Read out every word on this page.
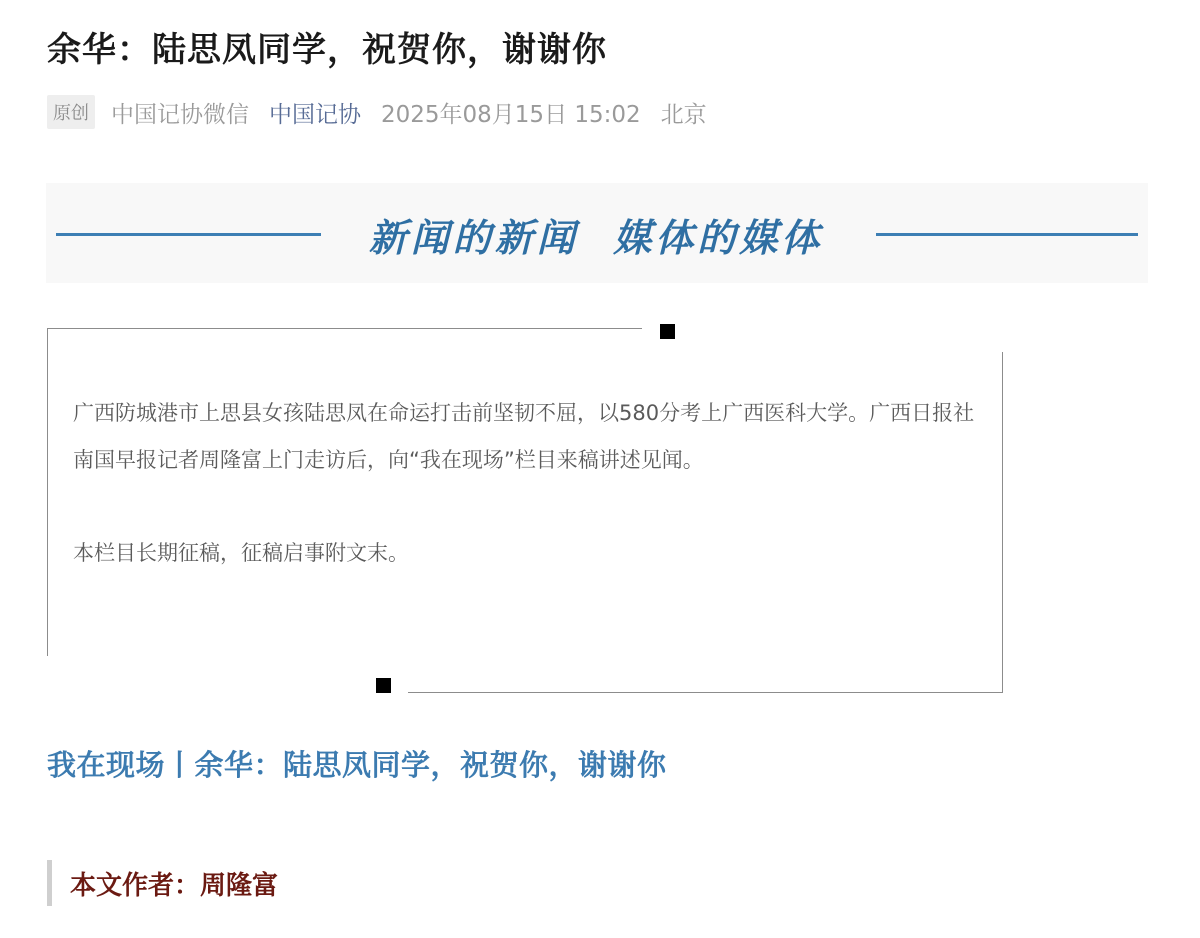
余华：陆思凤同学，祝贺你，谢谢你
原创 中国记协微信 中国记协 2025年08月15日 15:02 北京
新闻的新闻  媒体的媒体

广西防城港市上思县女孩陆思凤在命运打击前坚韧不屈，以580分考上广西医科大学。广西日报社南国早报记者周隆富上门走访后，向“我在现场”栏目来稿讲述见闻。

本栏目长期征稿，征稿启事附文末。

我在现场丨余华：陆思凤同学，祝贺你，谢谢你
本文作者：周隆富
